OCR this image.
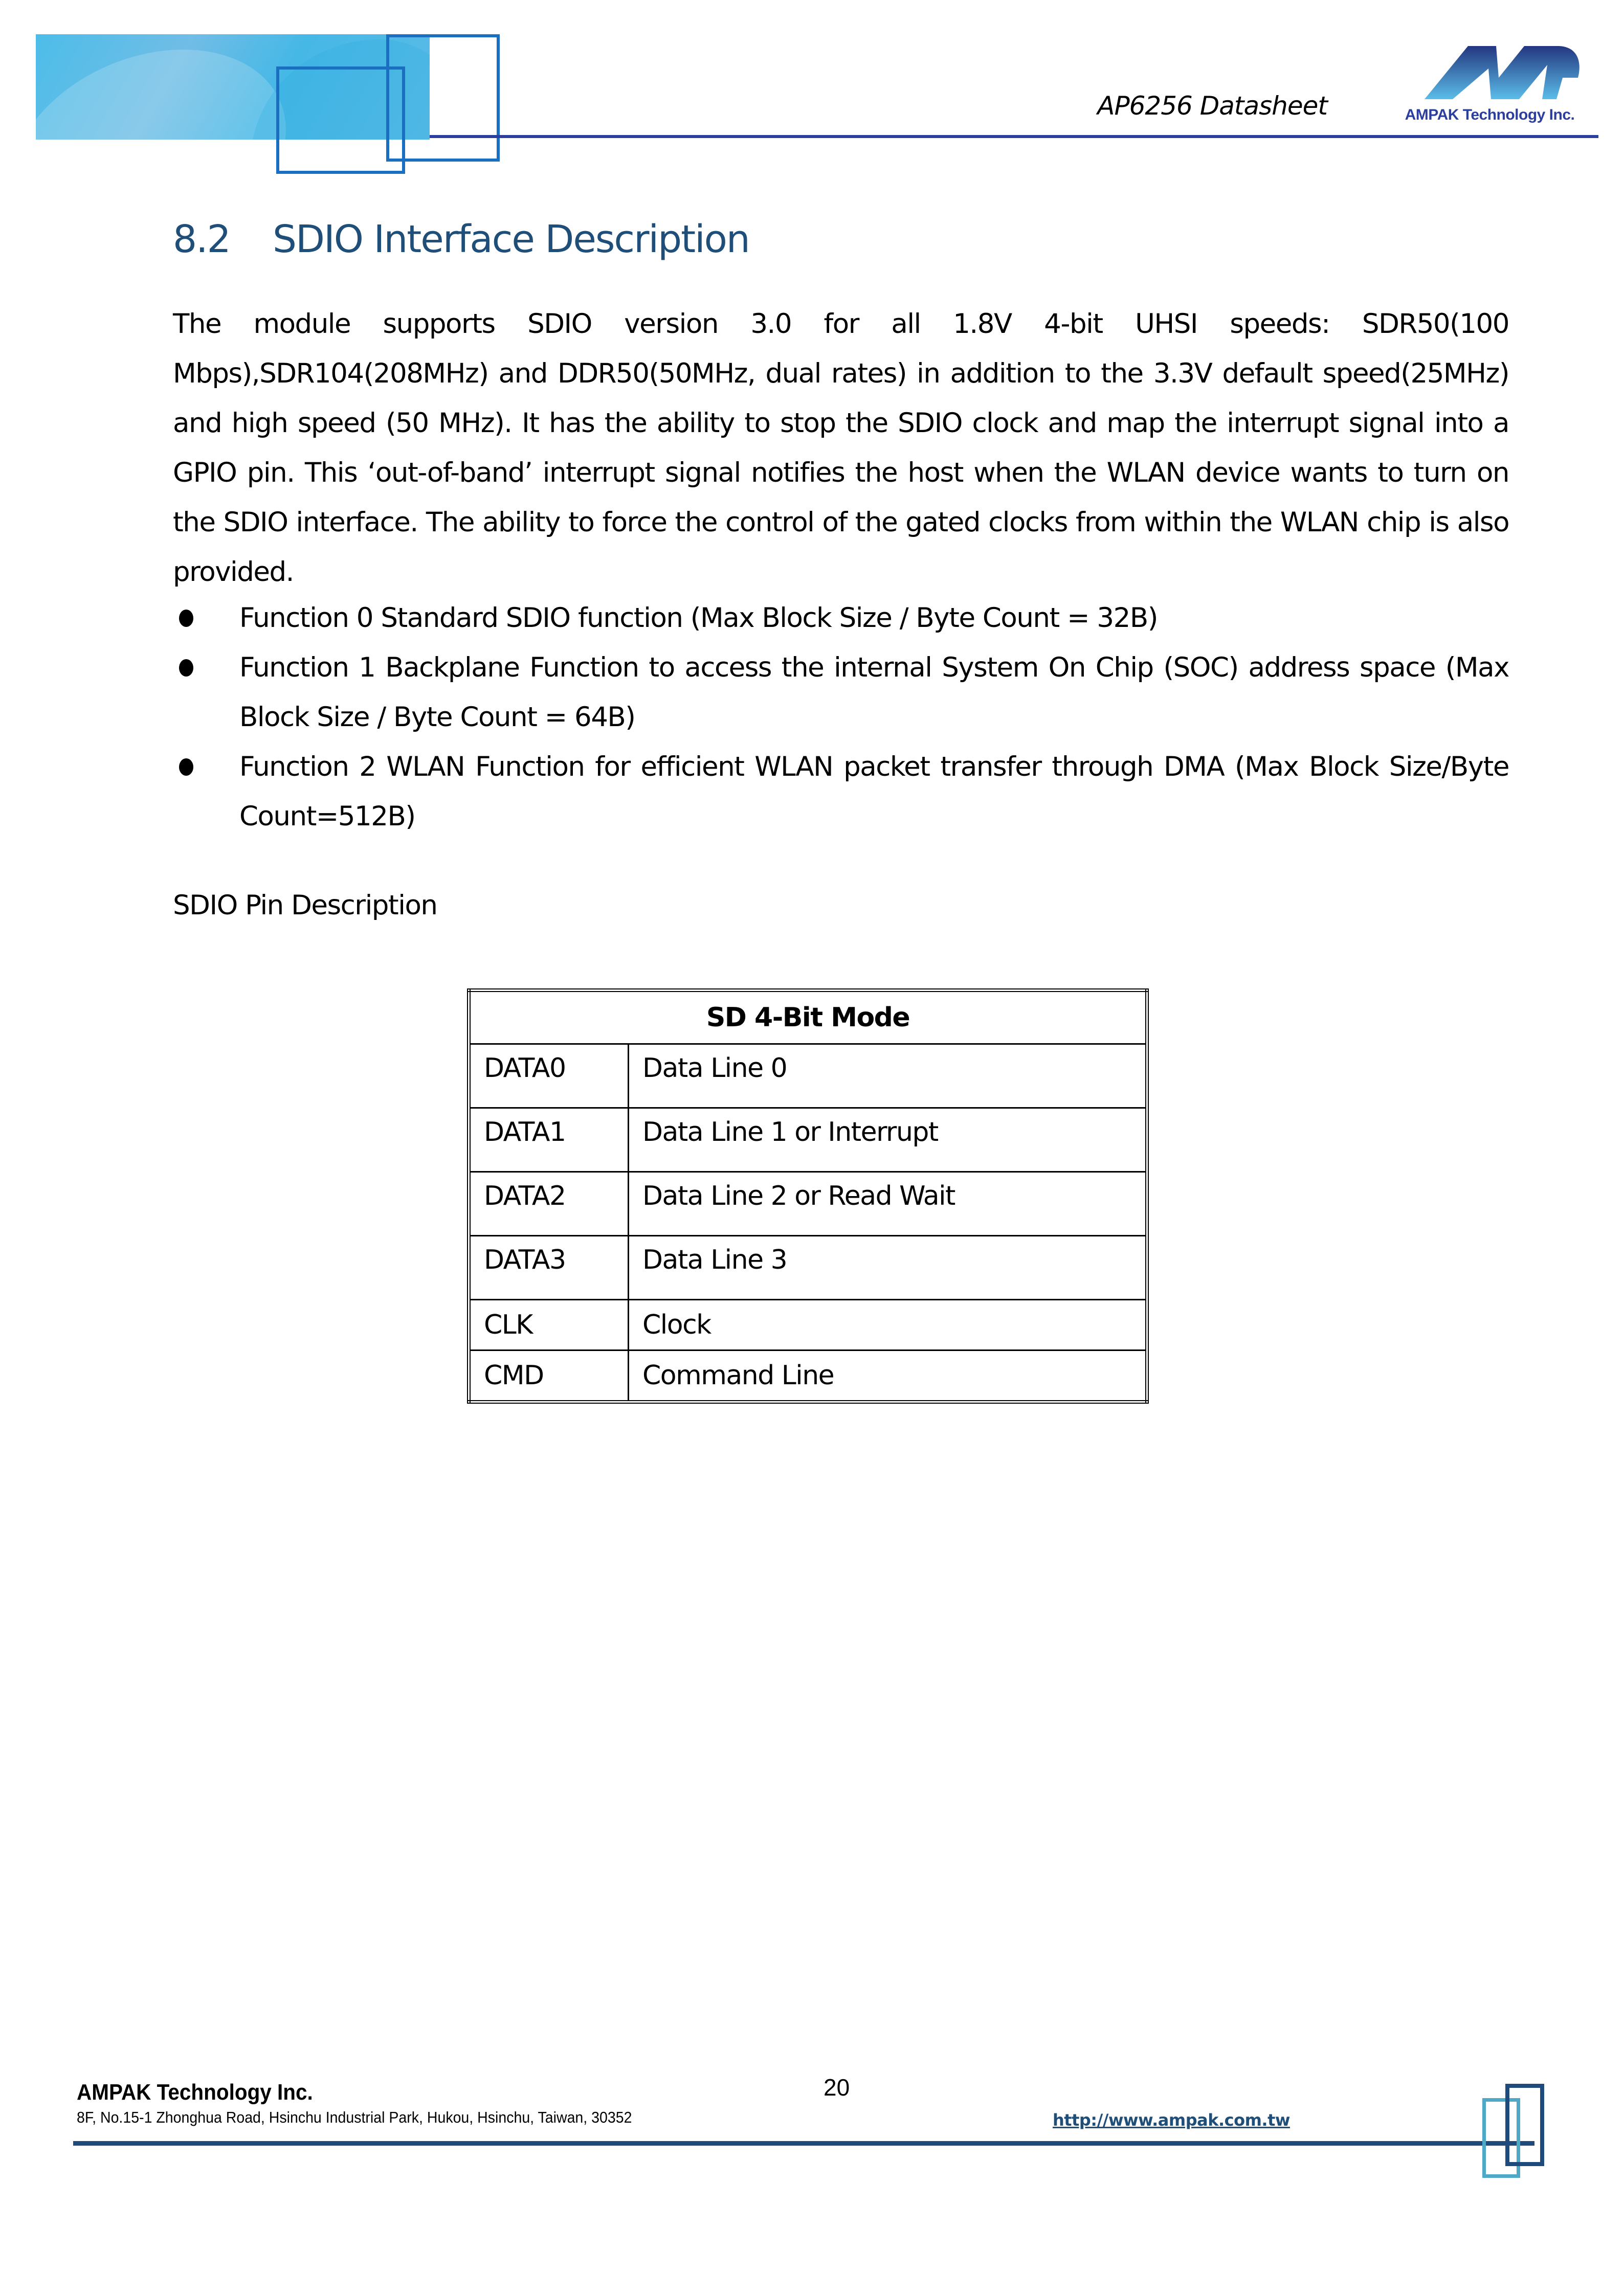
AP6256 Datasheet	AMPAK Technology Inc.
8.2 SDIO Interface Description

The module supports SDIO version 3.0 for all 1.8V 4-bit UHSI speeds: SDR50(100 Mbps),SDR104(208MHz) and DDR50(50MHz, dual rates) in addition to the 3.3V default speed(25MHz) and high speed (50 MHz). It has the ability to stop the SDIO clock and map the interrupt signal into a GPIO pin. This ‘out-of-band’ interrupt signal notifies the host when the WLAN device wants to turn on the SDIO interface. The ability to force the control of the gated clocks from within the WLAN chip is also provided.

Function 0 Standard SDIO function (Max Block Size / Byte Count = 32B)
Function 1 Backplane Function to access the internal System On Chip (SOC) address space (Max Block Size / Byte Count = 64B)
Function 2 WLAN Function for efficient WLAN packet transfer through DMA (Max Block Size/Byte Count=512B)
SDIO Pin Description
SD 4-Bit Mode	
DATA0	Data Line 0
DATA1	Data Line 1 or Interrupt
DATA2	Data Line 2 or Read Wait
DATA3	Data Line 3
CLK	Clock
CMD	Command Line
AMPAK Technology Inc.
8F, No.15-1 Zhonghua Road, Hsinchu Industrial Park, Hukou, Hsinchu, Taiwan, 30352
20
http://www.ampak.com.tw
